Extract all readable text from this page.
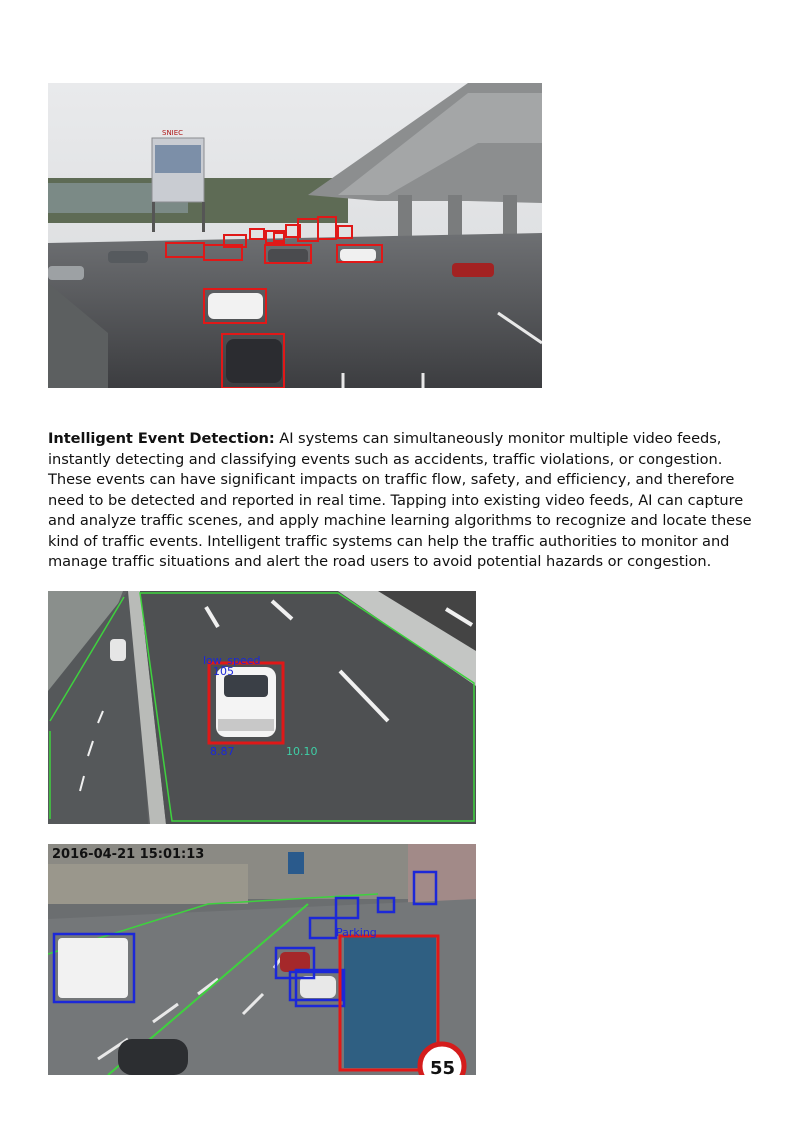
SNIEC

Intelligent Event Detection: AI systems can simultaneously monitor multiple video feeds, instantly detecting and classifying events such as accidents, traffic violations, or congestion. These events can have significant impacts on traffic flow, safety, and efficiency, and therefore need to be detected and reported in real time. Tapping into existing video feeds, AI can capture and analyze traffic scenes, and apply machine learning algorithms to recognize and locate these kind of traffic events. Intelligent traffic systems can help the traffic authorities to monitor and manage traffic situations and alert the road users to avoid potential hazards or congestion.

low_speed
105
8.87	10.10
2016-04-21 15:01:13
Parking
55
